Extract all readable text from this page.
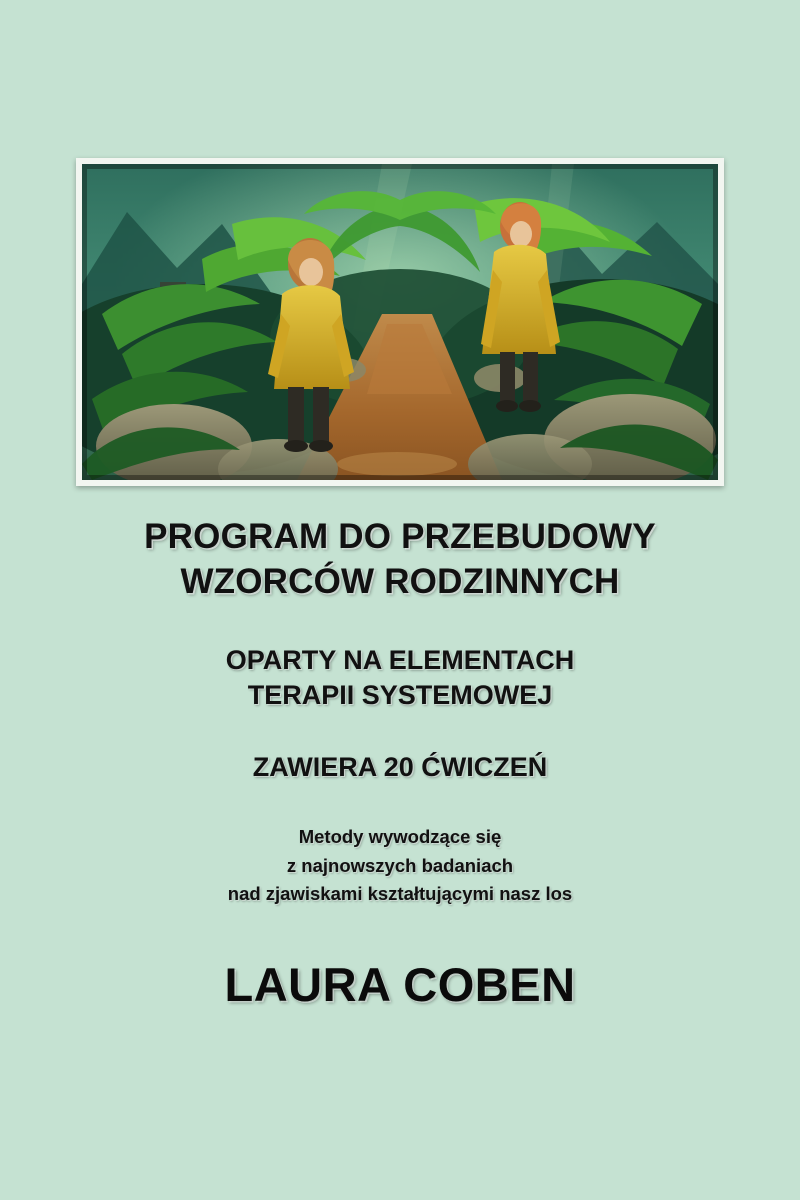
PROGRAM DO PRZEBUDOWY
WZORCÓW RODZINNYCH
OPARTY NA ELEMENTACH
TERAPII SYSTEMOWEJ
ZAWIERA 20 ĆWICZEŃ
Metody wywodzące się
z najnowszych badaniach
nad zjawiskami kształtującymi nasz los
LAURA COBEN
